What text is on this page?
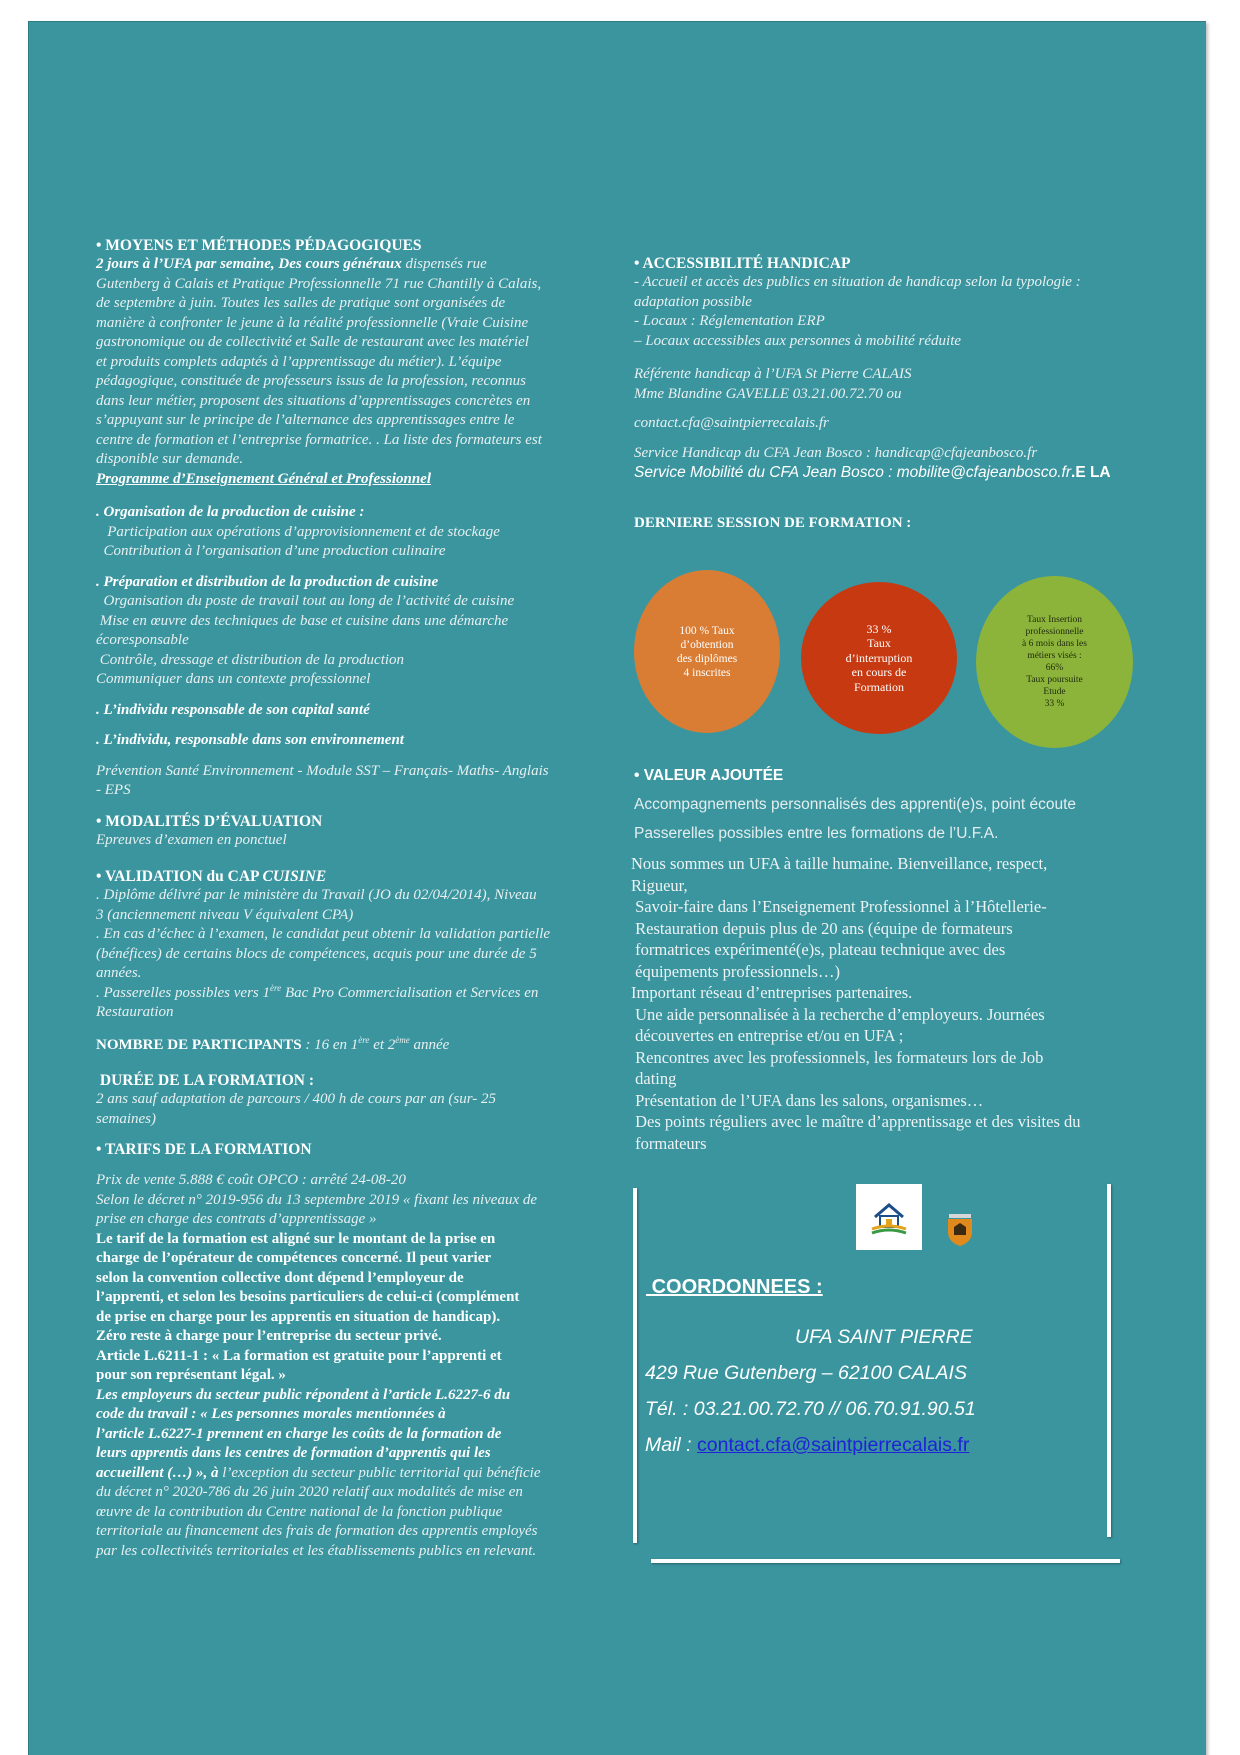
• MOYENS ET MÉTHODES PÉDAGOGIQUES
2 jours à l’UFA par semaine, Des cours généraux dispensés rue
Gutenberg à Calais et Pratique Professionnelle 71 rue Chantilly à Calais,
de septembre à juin. Toutes les salles de pratique sont organisées de
manière à confronter le jeune à la réalité professionnelle (Vraie Cuisine
gastronomique ou de collectivité et Salle de restaurant avec les matériel
et produits complets adaptés à l’apprentissage du métier). L’équipe
pédagogique, constituée de professeurs issus de la profession, reconnus
dans leur métier, proposent des situations d’apprentissages concrètes en
s’appuyant sur le principe de l’alternance des apprentissages entre le
centre de formation et l’entreprise formatrice. . La liste des formateurs est
disponible sur demande.
Programme d’Enseignement Général et Professionnel
. Organisation de la production de cuisine :
Participation aux opérations d’approvisionnement et de stockage
Contribution à l’organisation d’une production culinaire
. Préparation et distribution de la production de cuisine
Organisation du poste de travail tout au long de l’activité de cuisine
Mise en œuvre des techniques de base et cuisine dans une démarche
écoresponsable
Contrôle, dressage et distribution de la production
Communiquer dans un contexte professionnel
. L’individu responsable de son capital santé
. L’individu, responsable dans son environnement
Prévention Santé Environnement - Module SST – Français- Maths- Anglais
- EPS
• MODALITÉS D’ÉVALUATION
Epreuves d’examen en ponctuel
• VALIDATION du CAP CUISINE
. Diplôme délivré par le ministère du Travail (JO du 02/04/2014), Niveau
3 (anciennement niveau V équivalent CPA)
. En cas d’échec à l’examen, le candidat peut obtenir la validation partielle
(bénéfices) de certains blocs de compétences, acquis pour une durée de 5
années.
. Passerelles possibles vers 1ère Bac Pro Commercialisation et Services en
Restauration
NOMBRE DE PARTICIPANTS : 16 en 1ère et 2ème année
DURÉE DE LA FORMATION :
2 ans sauf adaptation de parcours / 400 h de cours par an (sur- 25
semaines)
• TARIFS DE LA FORMATION
Prix de vente 5.888 € coût OPCO : arrêté 24-08-20
Selon le décret n° 2019-956 du 13 septembre 2019 « fixant les niveaux de
prise en charge des contrats d’apprentissage »
Le tarif de la formation est aligné sur le montant de la prise en
charge de l’opérateur de compétences concerné. Il peut varier
selon la convention collective dont dépend l’employeur de
l’apprenti, et selon les besoins particuliers de celui-ci (complément
de prise en charge pour les apprentis en situation de handicap).
Zéro reste à charge pour l’entreprise du secteur privé.
Article L.6211-1 : « La formation est gratuite pour l’apprenti et
pour son représentant légal. »
Les employeurs du secteur public répondent à l’article L.6227-6 du
code du travail : « Les personnes morales mentionnées à
l’article L.6227-1 prennent en charge les coûts de la formation de
leurs apprentis dans les centres de formation d’apprentis qui les
accueillent (…) », à l’exception du secteur public territorial qui bénéficie
du décret n° 2020-786 du 26 juin 2020 relatif aux modalités de mise en
œuvre de la contribution du Centre national de la fonction publique
territoriale au financement des frais de formation des apprentis employés
par les collectivités territoriales et les établissements publics en relevant.
• ACCESSIBILITÉ HANDICAP
- Accueil et accès des publics en situation de handicap selon la typologie :
adaptation possible
- Locaux : Réglementation ERP
– Locaux accessibles aux personnes à mobilité réduite
Référente handicap à l’UFA St Pierre CALAIS
Mme Blandine GAVELLE 03.21.00.72.70 ou
contact.cfa@saintpierrecalais.fr
Service Handicap du CFA Jean Bosco : handicap@cfajeanbosco.fr
Service Mobilité du CFA Jean Bosco : mobilite@cfajeanbosco.fr.E LA
DERNIERE SESSION DE FORMATION :
100 % Taux
d’obtention
des diplômes
4 inscrites
33 %
Taux
d’interruption
en cours de
Formation
Taux Insertion
professionnelle
à 6 mois dans les
métiers visés :
66%
Taux poursuite
Etude
33 %
• VALEUR AJOUTÉE
Accompagnements personnalisés des apprenti(e)s, point écoute
Passerelles possibles entre les formations de l’U.F.A.
Nous sommes un UFA à taille humaine. Bienveillance, respect,
Rigueur,
Savoir-faire dans l’Enseignement Professionnel à l’Hôtellerie-
Restauration depuis plus de 20 ans (équipe de formateurs
formatrices expérimenté(e)s, plateau technique avec des
équipements professionnels…)
Important réseau d’entreprises partenaires.
Une aide personnalisée à la recherche d’employeurs. Journées
découvertes en entreprise et/ou en UFA ;
Rencontres avec les professionnels, les formateurs lors de Job
dating
Présentation de l’UFA dans les salons, organismes…
Des points réguliers avec le maître d’apprentissage et des visites du
formateurs
COORDONNEES :
UFA SAINT PIERRE
429 Rue Gutenberg – 62100 CALAIS
Tél. : 03.21.00.72.70 // 06.70.91.90.51
Mail : contact.cfa@saintpierrecalais.fr
